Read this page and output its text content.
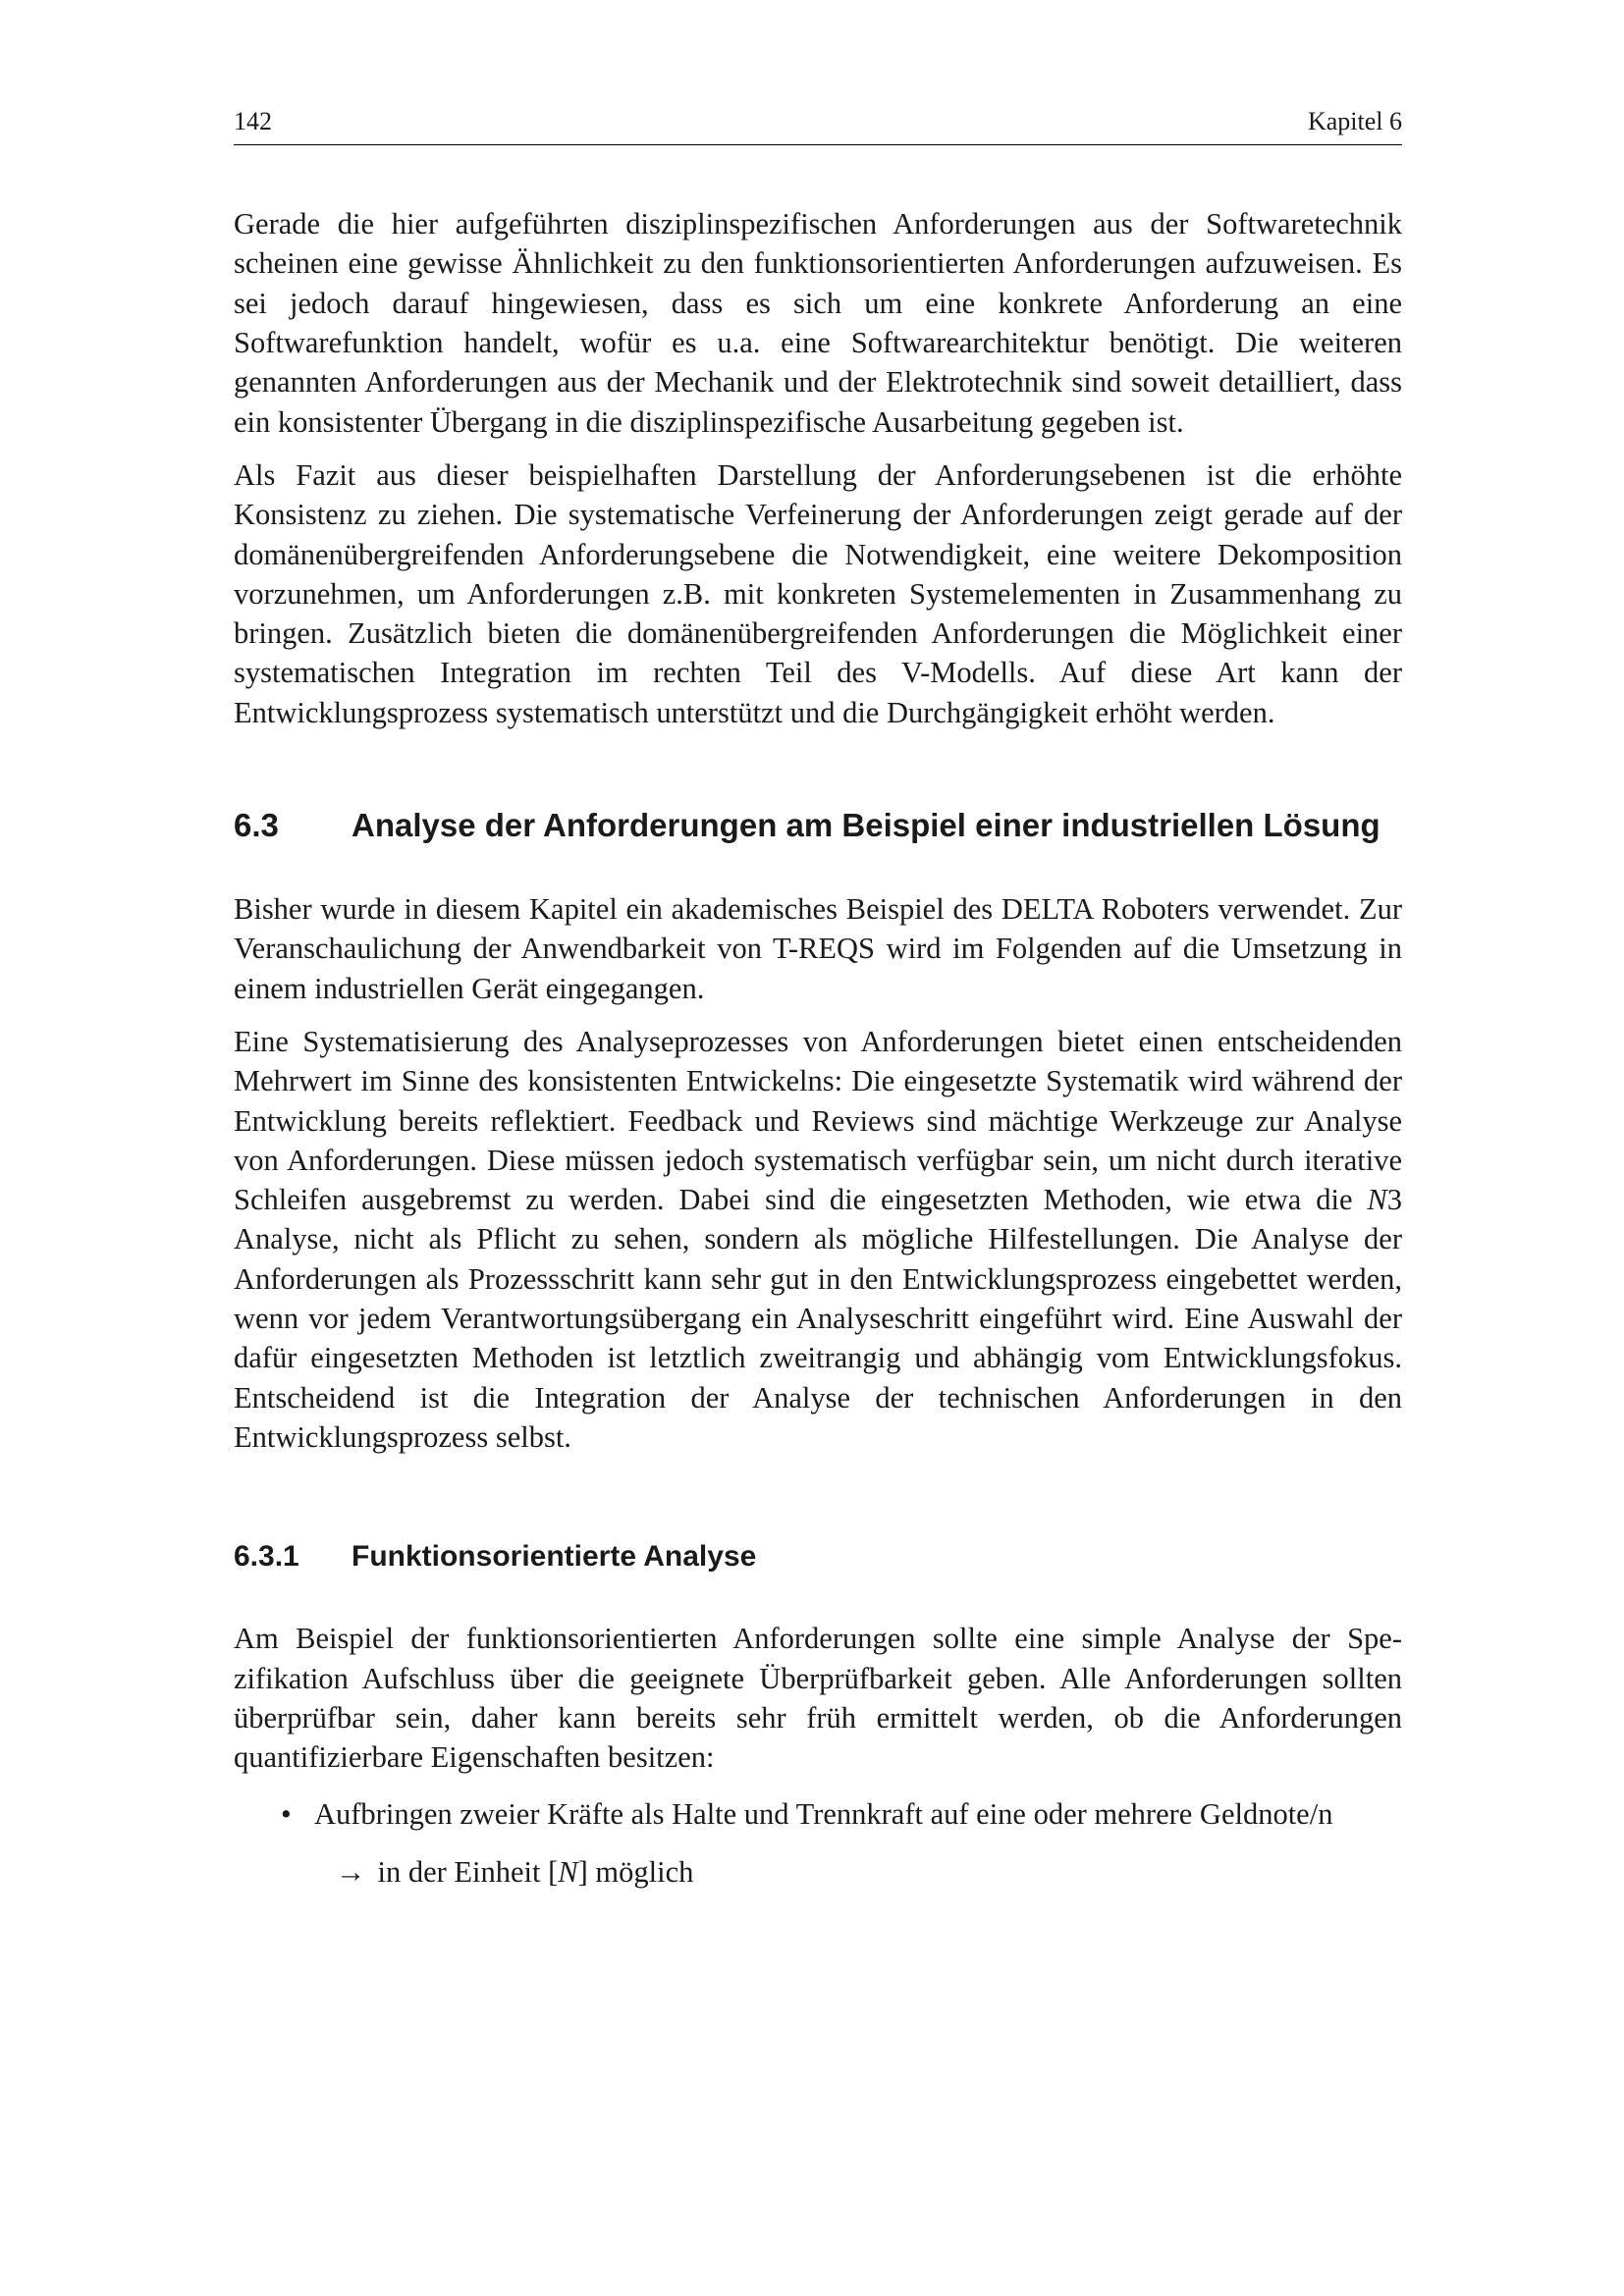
142	Kapitel 6

Gerade die hier aufgeführten disziplinspezifischen Anforderungen aus der Softwaretechnik scheinen eine gewisse Ähnlichkeit zu den funktionsorientierten Anforderungen aufzuweisen. Es sei jedoch darauf hingewiesen, dass es sich um eine konkrete Anforderung an eine Softwarefunktion handelt, wofür es u.a. eine Softwarearchitektur benötigt. Die weiteren genannten Anforderungen aus der Mechanik und der Elektrotechnik sind soweit detailliert, dass ein konsistenter Übergang in die disziplinspezifische Ausarbeitung gegeben ist.

Als Fazit aus dieser beispielhaften Darstellung der Anforderungsebenen ist die erhöhte Konsistenz zu ziehen. Die systematische Verfeinerung der Anforderungen zeigt gerade auf der domänenübergreifenden Anforderungsebene die Notwendigkeit, eine weitere Dekomposition vorzunehmen, um Anforderungen z.B. mit konkreten Systemelementen in Zusammenhang zu bringen. Zusätzlich bieten die domänenübergreifenden Anforderungen die Möglichkeit einer systematischen Integration im rechten Teil des V-Modells. Auf diese Art kann der Entwicklungsprozess systematisch unterstützt und die Durchgängigkeit erhöht werden.

6.3	Analyse der Anforderungen am Beispiel einer industriellen Lösung

Bisher wurde in diesem Kapitel ein akademisches Beispiel des DELTA Roboters verwendet. Zur Veranschaulichung der Anwendbarkeit von T-REQS wird im Folgenden auf die Umsetzung in einem industriellen Gerät eingegangen.

Eine Systematisierung des Analyseprozesses von Anforderungen bietet einen entscheidenden Mehrwert im Sinne des konsistenten Entwickelns: Die eingesetzte Systematik wird während der Entwicklung bereits reflektiert. Feedback und Reviews sind mächtige Werkzeuge zur Analyse von Anforderungen. Diese müssen jedoch systematisch verfügbar sein, um nicht durch iterative Schleifen ausgebremst zu werden. Dabei sind die eingesetzten Methoden, wie etwa die N3 Analyse, nicht als Pflicht zu sehen, sondern als mögliche Hilfestellungen. Die Analyse der Anforderungen als Prozessschritt kann sehr gut in den Entwicklungsprozess eingebettet werden, wenn vor jedem Verantwortungsübergang ein Analyseschritt eingeführt wird. Eine Auswahl der dafür eingesetzten Methoden ist letztlich zweitrangig und abhängig vom Entwicklungsfokus. Entscheidend ist die Integration der Analyse der technischen Anforderungen in den Entwicklungsprozess selbst.

6.3.1	Funktionsorientierte Analyse

Am Beispiel der funktionsorientierten Anforderungen sollte eine simple Analyse der Spezifikation Aufschluss über die geeignete Überprüfbarkeit geben. Alle Anforderungen sollten überprüfbar sein, daher kann bereits sehr früh ermittelt werden, ob die Anforderungen quantifizierbare Eigenschaften besitzen:

• Aufbringen zweier Kräfte als Halte und Trennkraft auf eine oder mehrere Geldnote/n
→ in der Einheit [N] möglich
